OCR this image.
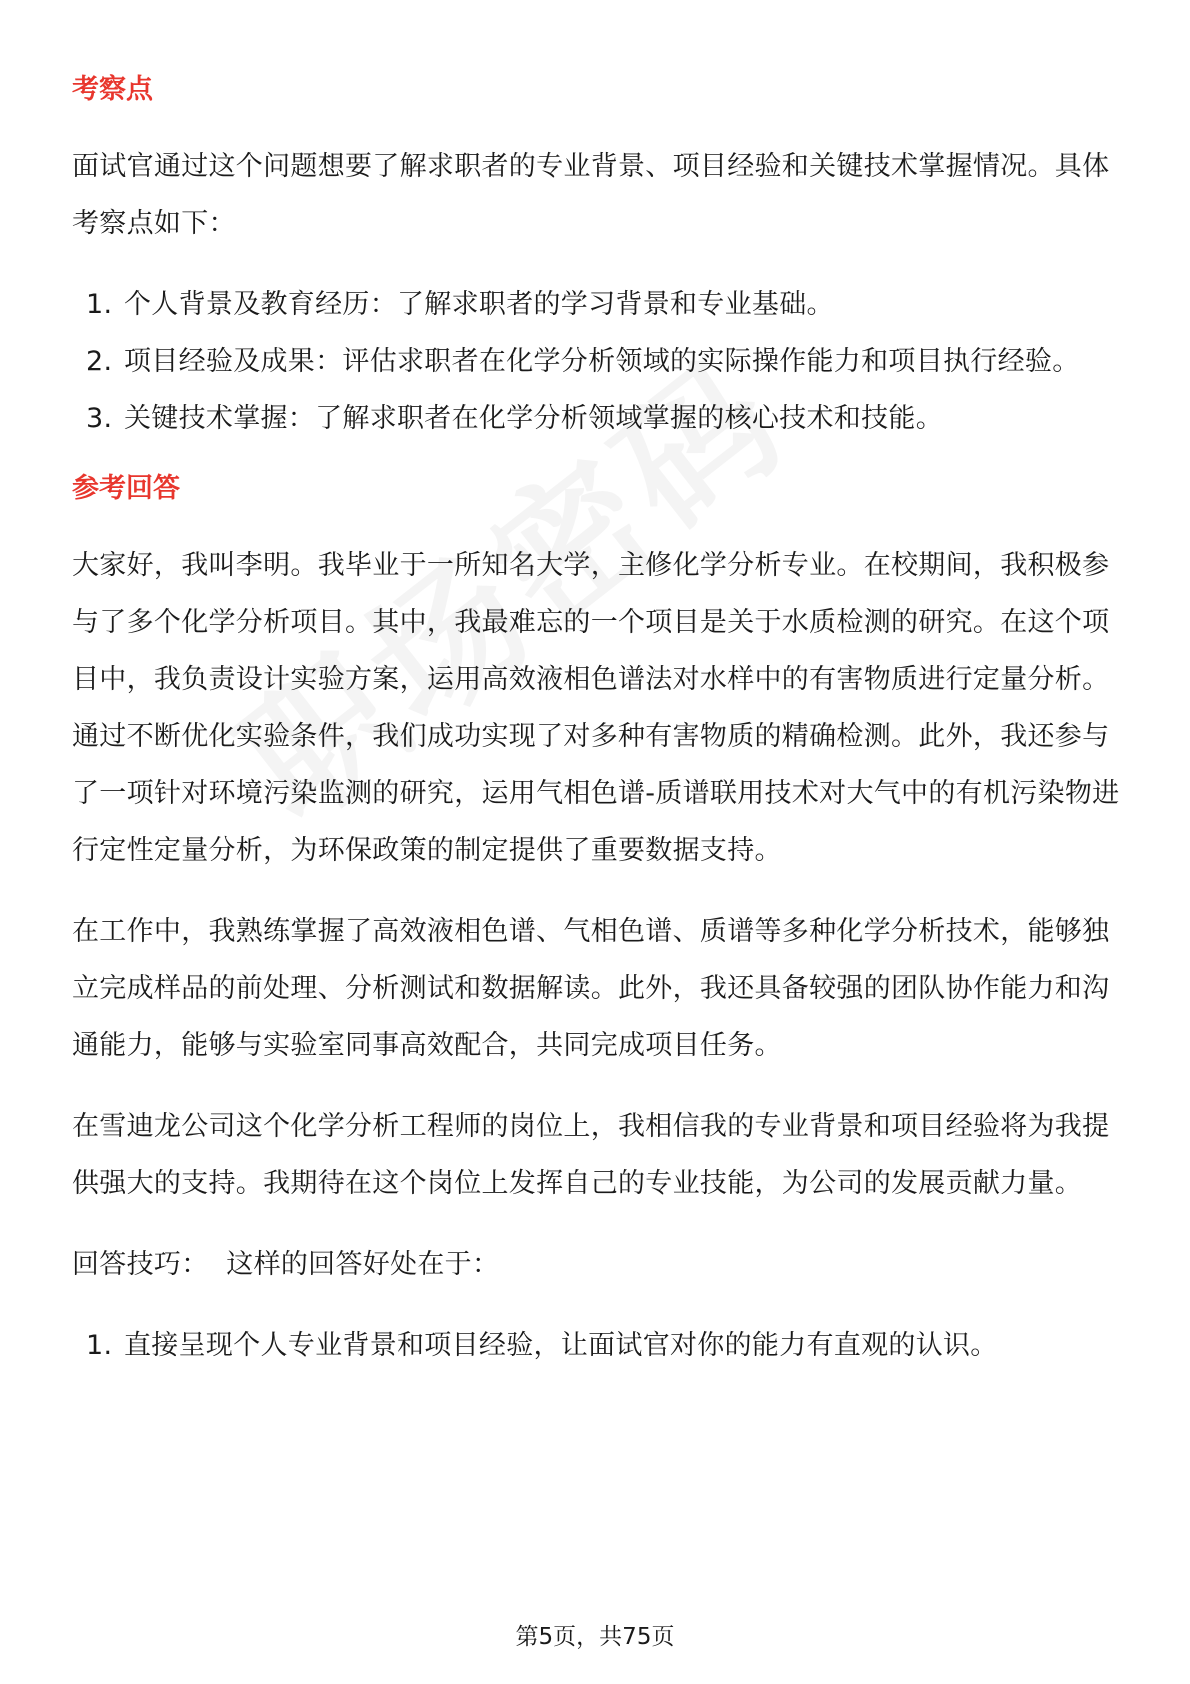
考察点
面试官通过这个问题想要了解求职者的专业背景、项目经验和关键技术掌握情况。具体考察点如下：
1. 个人背景及教育经历：了解求职者的学习背景和专业基础。
2. 项目经验及成果：评估求职者在化学分析领域的实际操作能力和项目执行经验。
3. 关键技术掌握：了解求职者在化学分析领域掌握的核心技术和技能。
参考回答
大家好，我叫李明。我毕业于一所知名大学，主修化学分析专业。在校期间，我积极参与了多个化学分析项目。其中，我最难忘的一个项目是关于水质检测的研究。在这个项目中，我负责设计实验方案，运用高效液相色谱法对水样中的有害物质进行定量分析。通过不断优化实验条件，我们成功实现了对多种有害物质的精确检测。此外，我还参与了一项针对环境污染监测的研究，运用气相色谱-质谱联用技术对大气中的有机污染物进行定性定量分析，为环保政策的制定提供了重要数据支持。
在工作中，我熟练掌握了高效液相色谱、气相色谱、质谱等多种化学分析技术，能够独立完成样品的前处理、分析测试和数据解读。此外，我还具备较强的团队协作能力和沟通能力，能够与实验室同事高效配合，共同完成项目任务。
在雪迪龙公司这个化学分析工程师的岗位上，我相信我的专业背景和项目经验将为我提供强大的支持。我期待在这个岗位上发挥自己的专业技能，为公司的发展贡献力量。
回答技巧：  这样的回答好处在于：
1. 直接呈现个人专业背景和项目经验，让面试官对你的能力有直观的认识。
第5页，共75页
